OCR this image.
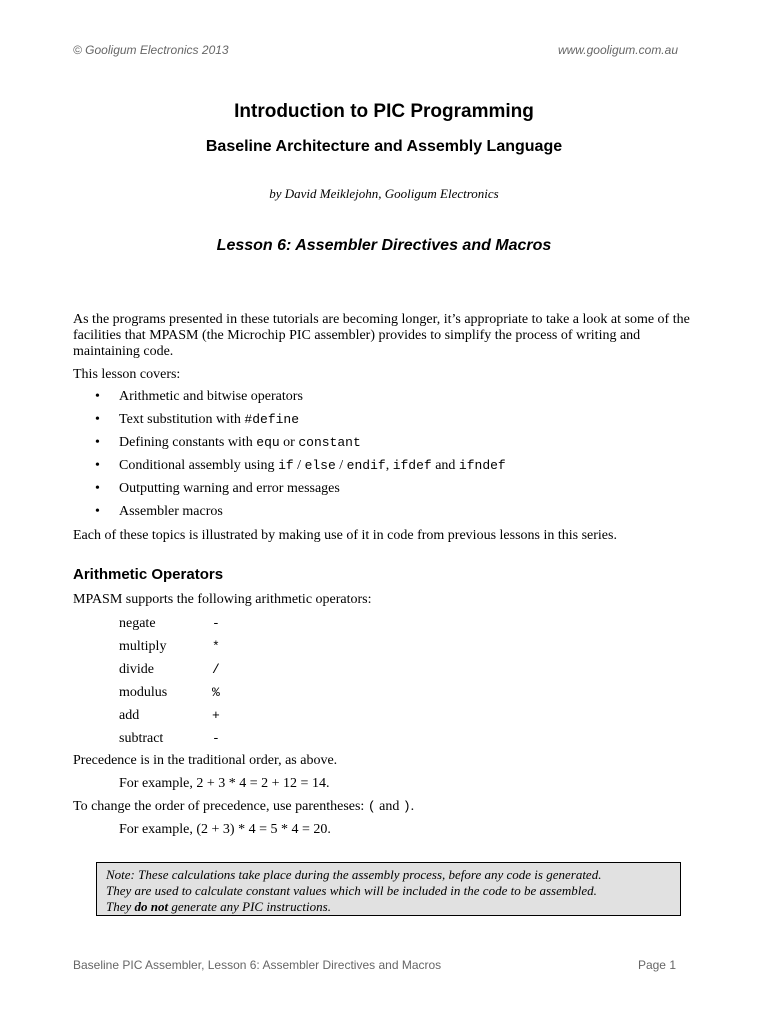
© Gooligum Electronics 2013	www.gooligum.com.au
Introduction to PIC Programming
Baseline Architecture and Assembly Language
by David Meiklejohn, Gooligum Electronics
Lesson 6: Assembler Directives and Macros
As the programs presented in these tutorials are becoming longer, it’s appropriate to take a look at some of the facilities that MPASM (the Microchip PIC assembler) provides to simplify the process of writing and maintaining code.
This lesson covers:
• Arithmetic and bitwise operators
• Text substitution with #define
• Defining constants with equ or constant
• Conditional assembly using if / else / endif, ifdef and ifndef
• Outputting warning and error messages
• Assembler macros
Each of these topics is illustrated by making use of it in code from previous lessons in this series.
Arithmetic Operators
MPASM supports the following arithmetic operators:
negate	-
multiply	*
divide	/
modulus	%
add	+
subtract	-
Precedence is in the traditional order, as above.
For example, 2 + 3 * 4 = 2 + 12 = 14.
To change the order of precedence, use parentheses: ( and ).
For example, (2 + 3) * 4 = 5 * 4 = 20.
Note: These calculations take place during the assembly process, before any code is generated.
They are used to calculate constant values which will be included in the code to be assembled.
They do not generate any PIC instructions.
Baseline PIC Assembler, Lesson 6: Assembler Directives and Macros	Page 1
